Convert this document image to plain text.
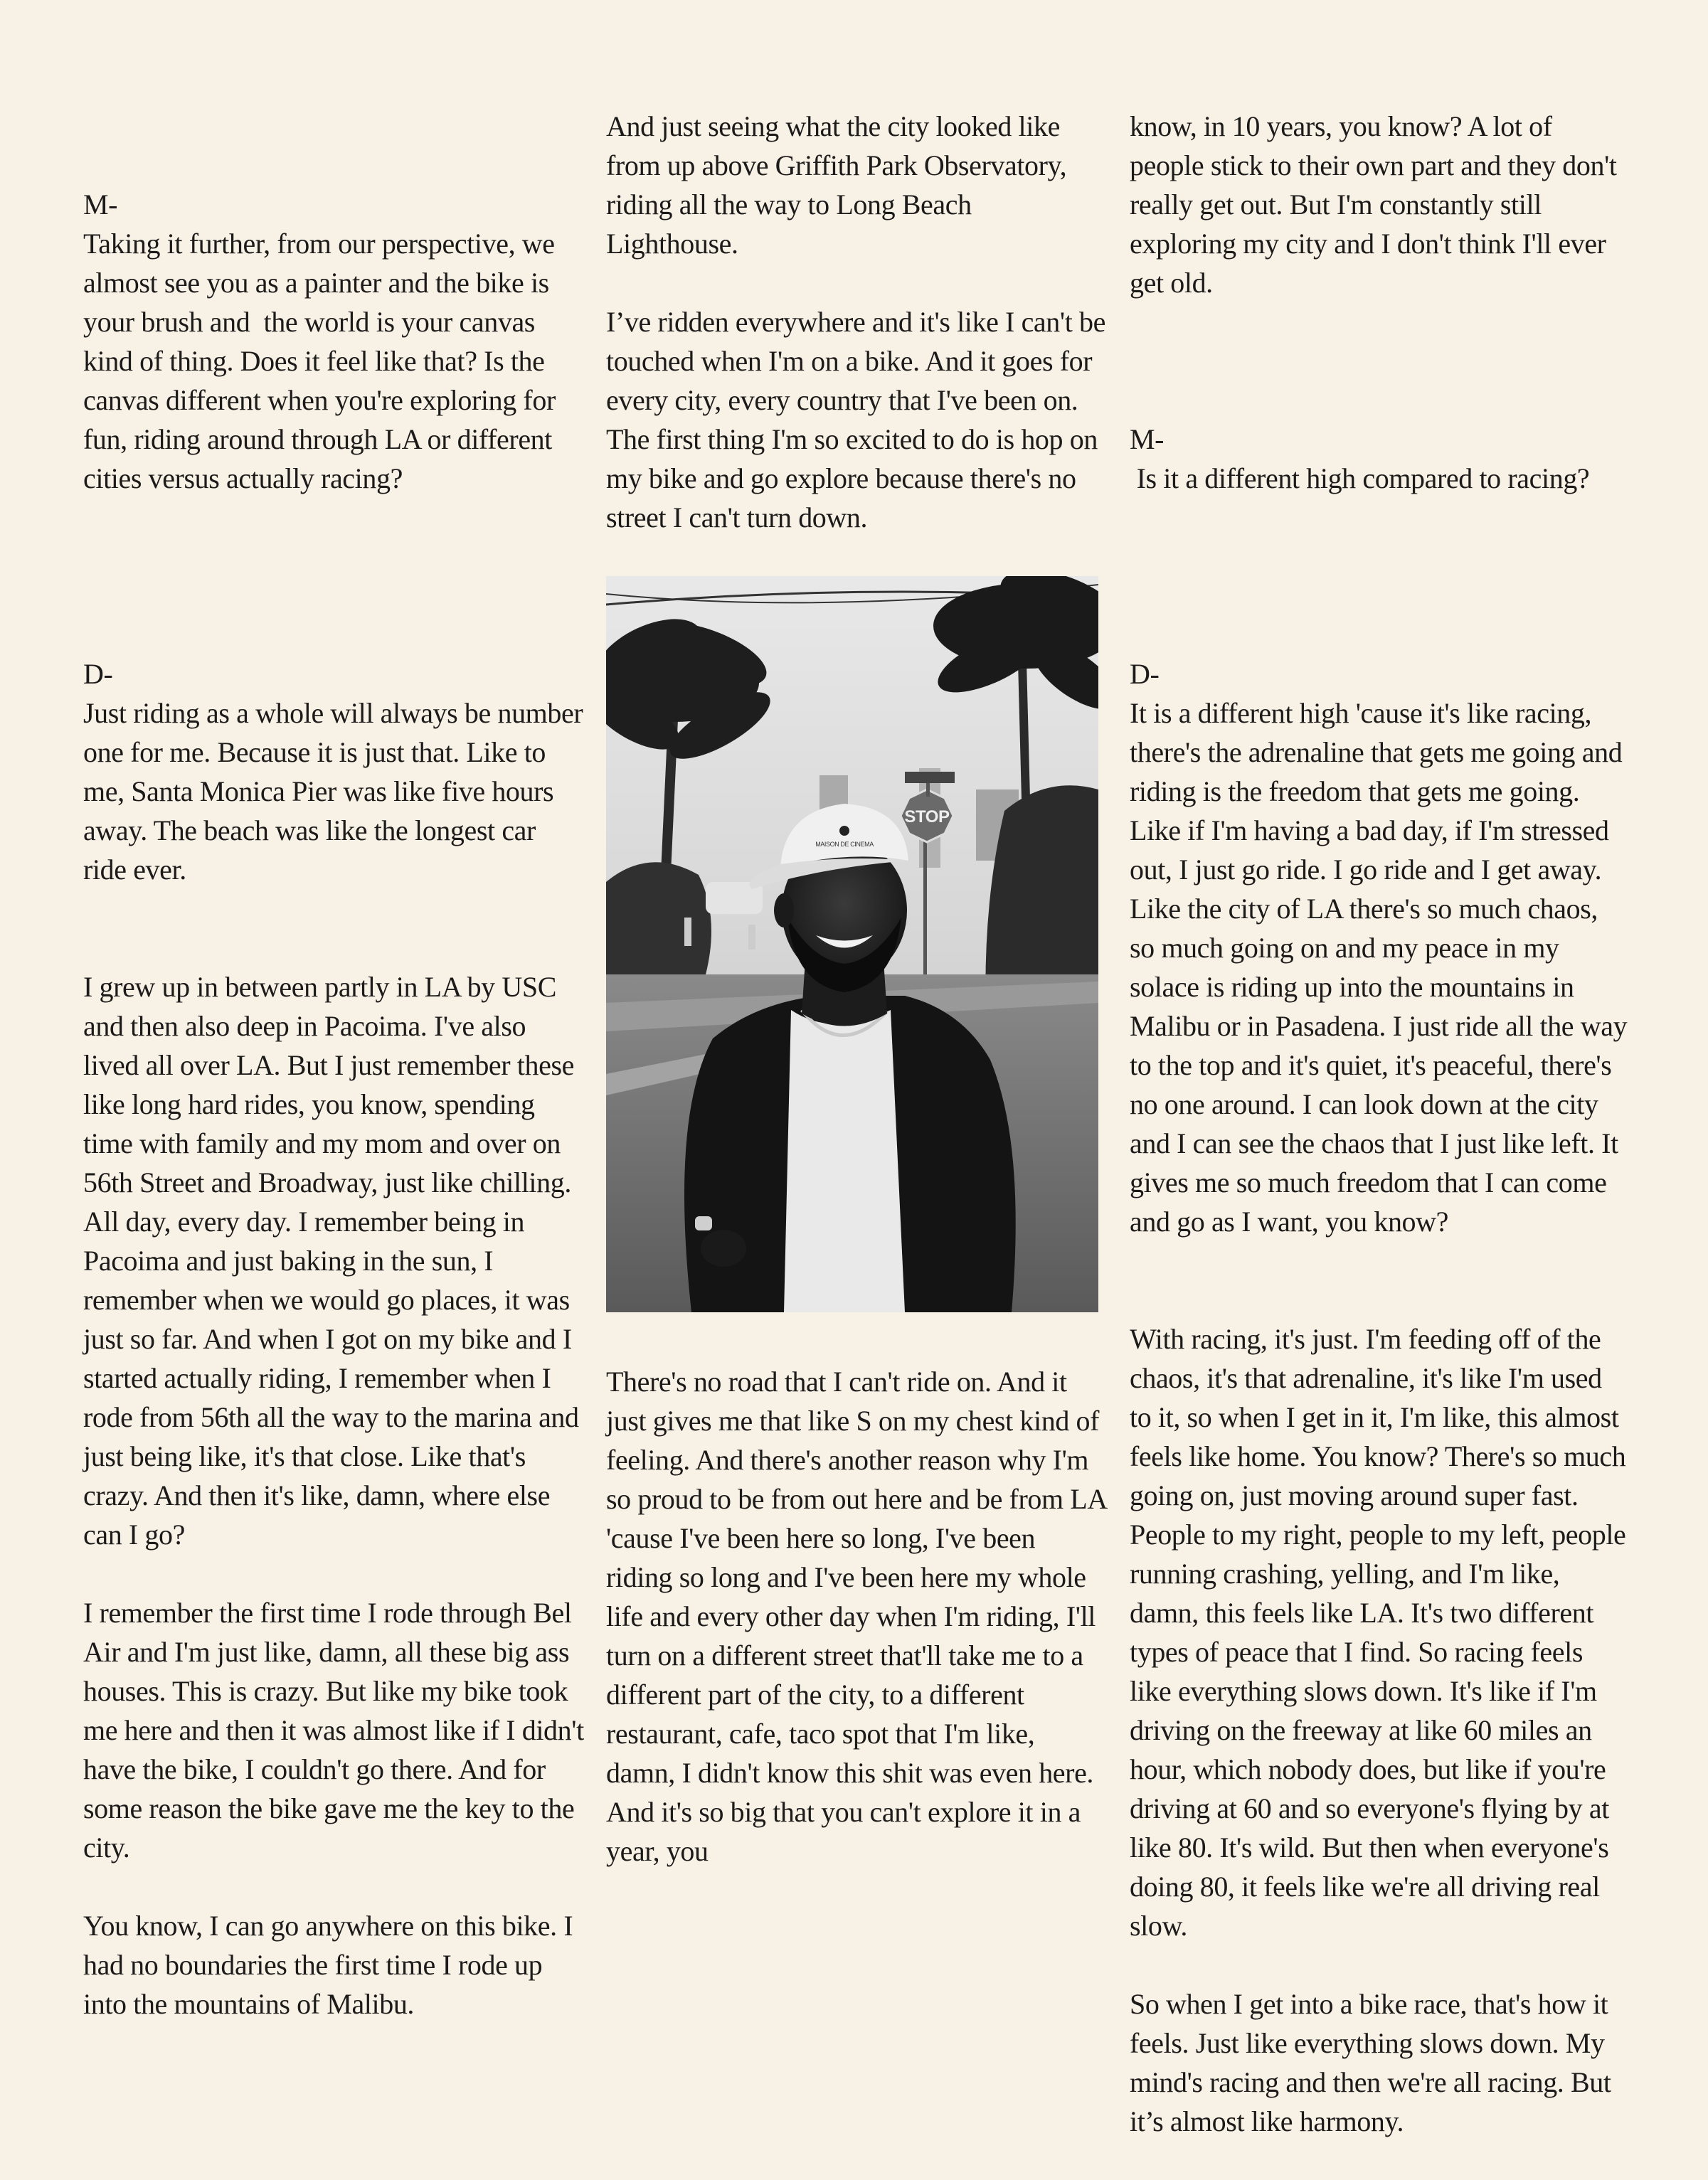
M-
Taking it further, from our perspective, we almost see you as a painter and the bike is your brush and  the world is your canvas kind of thing. Does it feel like that? Is the canvas different when you're exploring for fun, riding around through LA or different cities versus actually racing?

D-
Just riding as a whole will always be number one for me. Because it is just that. Like to me, Santa Monica Pier was like five hours away. The beach was like the longest car ride ever.

I grew up in between partly in LA by USC and then also deep in Pacoima. I've also lived all over LA. But I just remember these like long hard rides, you know, spending time with family and my mom and over on 56th Street and Broadway, just like chilling. All day, every day. I remember being in Pacoima and just baking in the sun, I remember when we would go places, it was just so far. And when I got on my bike and I started actually riding, I remember when I rode from 56th all the way to the marina and just being like, it's that close. Like that's crazy. And then it's like, damn, where else can I go?

I remember the first time I rode through Bel Air and I'm just like, damn, all these big ass houses. This is crazy. But like my bike took me here and then it was almost like if I didn't have the bike, I couldn't go there. And for some reason the bike gave me the key to the city.

You know, I can go anywhere on this bike. I had no boundaries the first time I rode up into the mountains of Malibu.

And just seeing what the city looked like from up above Griffith Park Observatory, riding all the way to Long Beach Lighthouse.

I’ve ridden everywhere and it's like I can't be touched when I'm on a bike. And it goes for every city, every country that I've been on. The first thing I'm so excited to do is hop on my bike and go explore because there's no street I can't turn down.

STOP
MAISON DE CINEMA

There's no road that I can't ride on. And it just gives me that like S on my chest kind of feeling. And there's another reason why I'm so proud to be from out here and be from LA 'cause I've been here so long, I've been riding so long and I've been here my whole life and every other day when I'm riding, I'll turn on a different street that'll take me to a different part of the city, to a different restaurant, cafe, taco spot that I'm like, damn, I didn't know this shit was even here. And it's so big that you can't explore it in a year, you

know, in 10 years, you know? A lot of people stick to their own part and they don't really get out. But I'm constantly still exploring my city and I don't think I'll ever get old.

M-
Is it a different high compared to racing?

D-
It is a different high 'cause it's like racing, there's the adrenaline that gets me going and riding is the freedom that gets me going. Like if I'm having a bad day, if I'm stressed out, I just go ride. I go ride and I get away. Like the city of LA there's so much chaos, so much going on and my peace in my solace is riding up into the mountains in Malibu or in Pasadena. I just ride all the way to the top and it's quiet, it's peaceful, there's no one around. I can look down at the city and I can see the chaos that I just like left. It gives me so much freedom that I can come and go as I want, you know?

With racing, it's just. I'm feeding off of the chaos, it's that adrenaline, it's like I'm used to it, so when I get in it, I'm like, this almost feels like home. You know? There's so much going on, just moving around super fast. People to my right, people to my left, people running crashing, yelling, and I'm like, damn, this feels like LA. It's two different types of peace that I find. So racing feels like everything slows down. It's like if I'm driving on the freeway at like 60 miles an hour, which nobody does, but like if you're driving at 60 and so everyone's flying by at like 80. It's wild. But then when everyone's doing 80, it feels like we're all driving real slow.

So when I get into a bike race, that's how it feels. Just like everything slows down. My mind's racing and then we're all racing. But it’s almost like harmony.
